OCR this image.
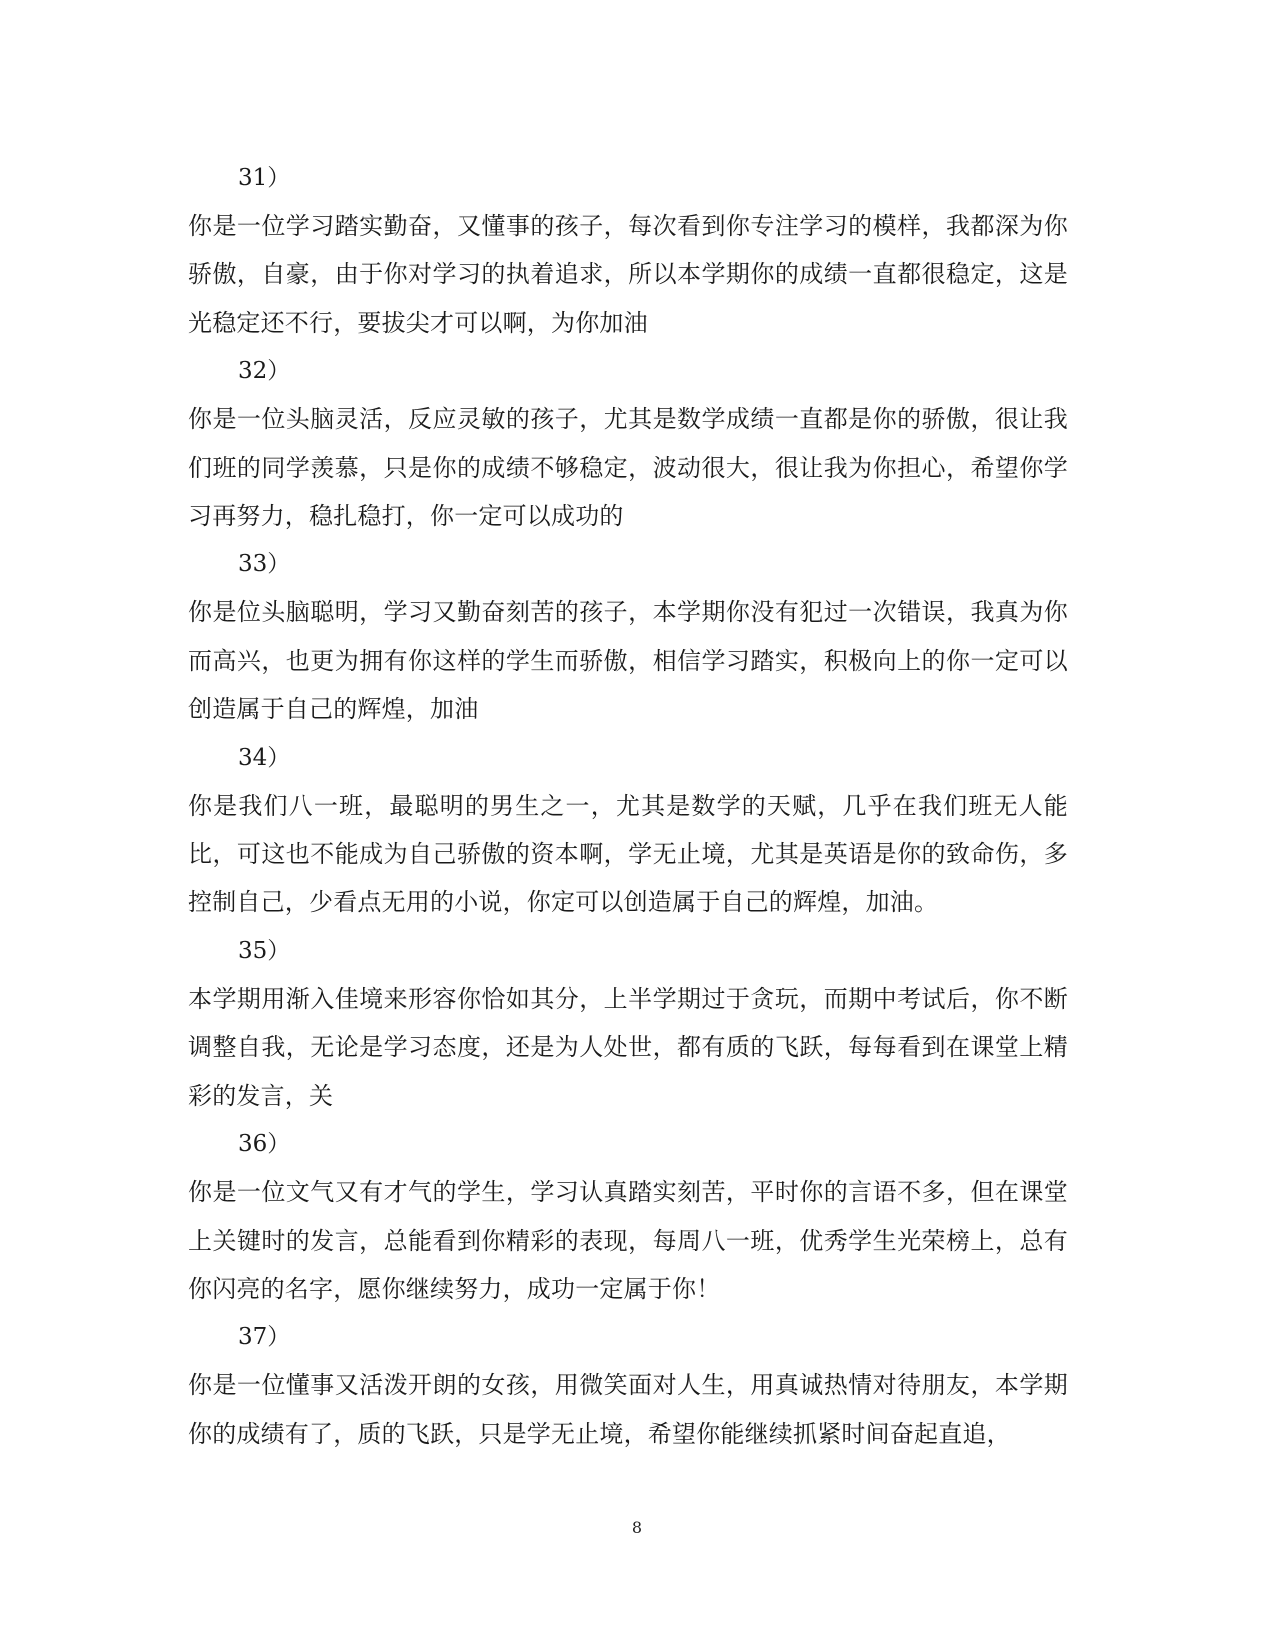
31）

你是一位学习踏实勤奋，又懂事的孩子，每次看到你专注学习的模样，我都深为你骄傲，自豪，由于你对学习的执着追求，所以本学期你的成绩一直都很稳定，这是光稳定还不行，要拔尖才可以啊，为你加油

32）

你是一位头脑灵活，反应灵敏的孩子，尤其是数学成绩一直都是你的骄傲，很让我们班的同学羡慕，只是你的成绩不够稳定，波动很大，很让我为你担心，希望你学习再努力，稳扎稳打，你一定可以成功的

33）

你是位头脑聪明，学习又勤奋刻苦的孩子，本学期你没有犯过一次错误，我真为你而高兴，也更为拥有你这样的学生而骄傲，相信学习踏实，积极向上的你一定可以创造属于自己的辉煌，加油

34）

你是我们八一班，最聪明的男生之一，尤其是数学的天赋，几乎在我们班无人能比，可这也不能成为自己骄傲的资本啊，学无止境，尤其是英语是你的致命伤，多控制自己，少看点无用的小说，你定可以创造属于自己的辉煌，加油。

35）

本学期用渐入佳境来形容你恰如其分，上半学期过于贪玩，而期中考试后，你不断调整自我，无论是学习态度，还是为人处世，都有质的飞跃，每每看到在课堂上精彩的发言，关

36）

你是一位文气又有才气的学生，学习认真踏实刻苦，平时你的言语不多，但在课堂上关键时的发言，总能看到你精彩的表现，每周八一班，优秀学生光荣榜上，总有你闪亮的名字，愿你继续努力，成功一定属于你！

37）

你是一位懂事又活泼开朗的女孩，用微笑面对人生，用真诚热情对待朋友，本学期你的成绩有了，质的飞跃，只是学无止境，希望你能继续抓紧时间奋起直追，

8
